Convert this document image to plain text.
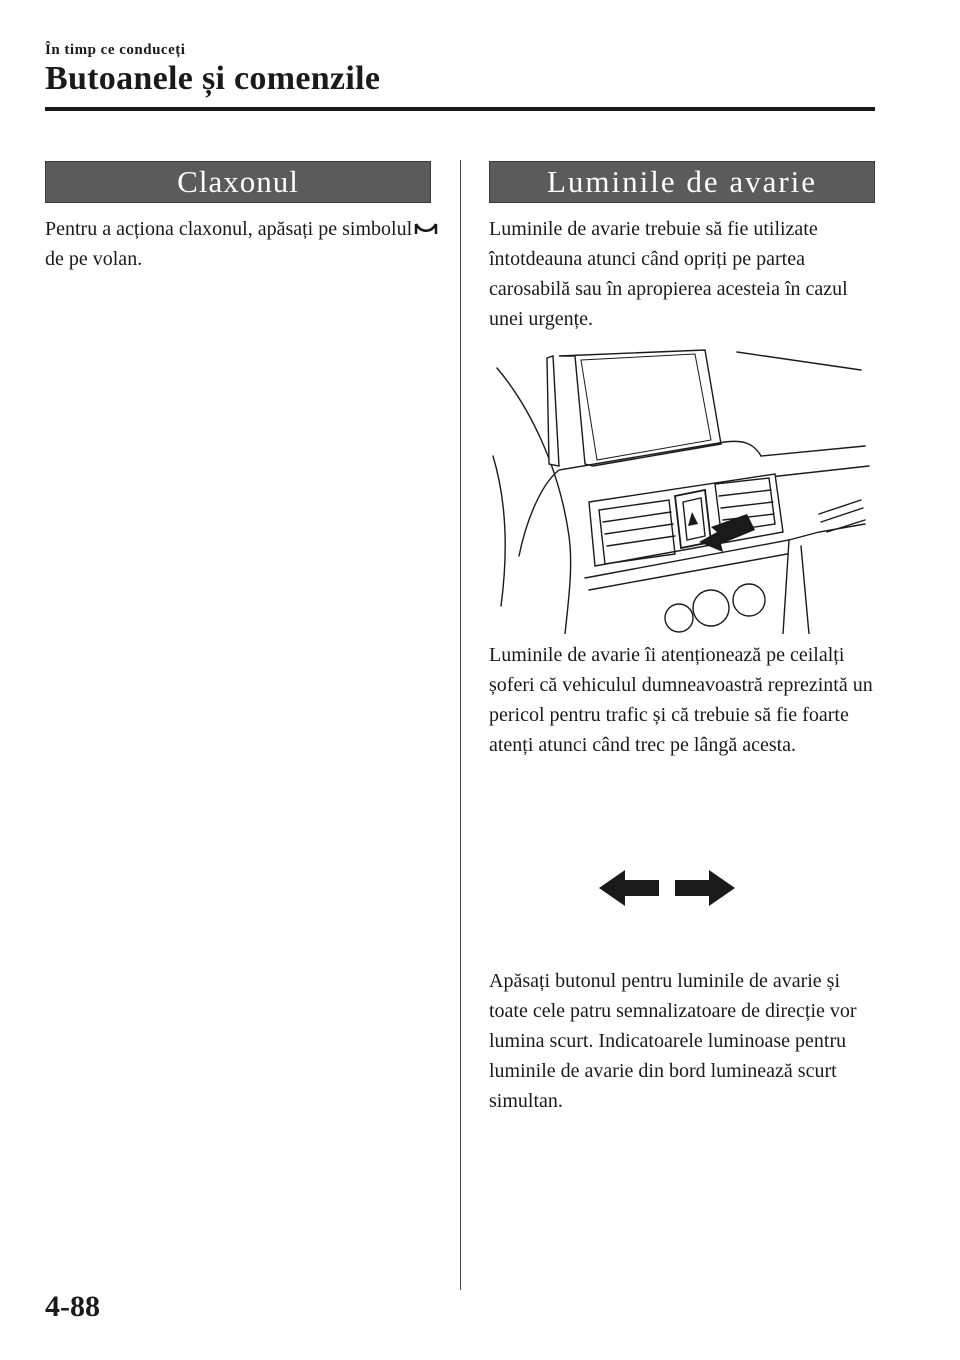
În timp ce conduceți
Butoanele și comenzile
Claxonul

Pentru a acționa claxonul, apăsați pe simbolulde pe volan.

Luminile de avarie

Luminile de avarie trebuie să fie utilizate întotdeauna atunci când opriți pe partea carosabilă sau în apropierea acesteia în cazul unei urgențe.

Luminile de avarie îi atenționează pe ceilalți șoferi că vehiculul dumneavoastră reprezintă un pericol pentru trafic și că trebuie să fie foarte atenți atunci când trec pe lângă acesta.

Apăsați butonul pentru luminile de avarie și toate cele patru semnalizatoare de direcție vor lumina scurt. Indicatoarele luminoase pentru luminile de avarie din bord luminează scurt simultan.

4-88
